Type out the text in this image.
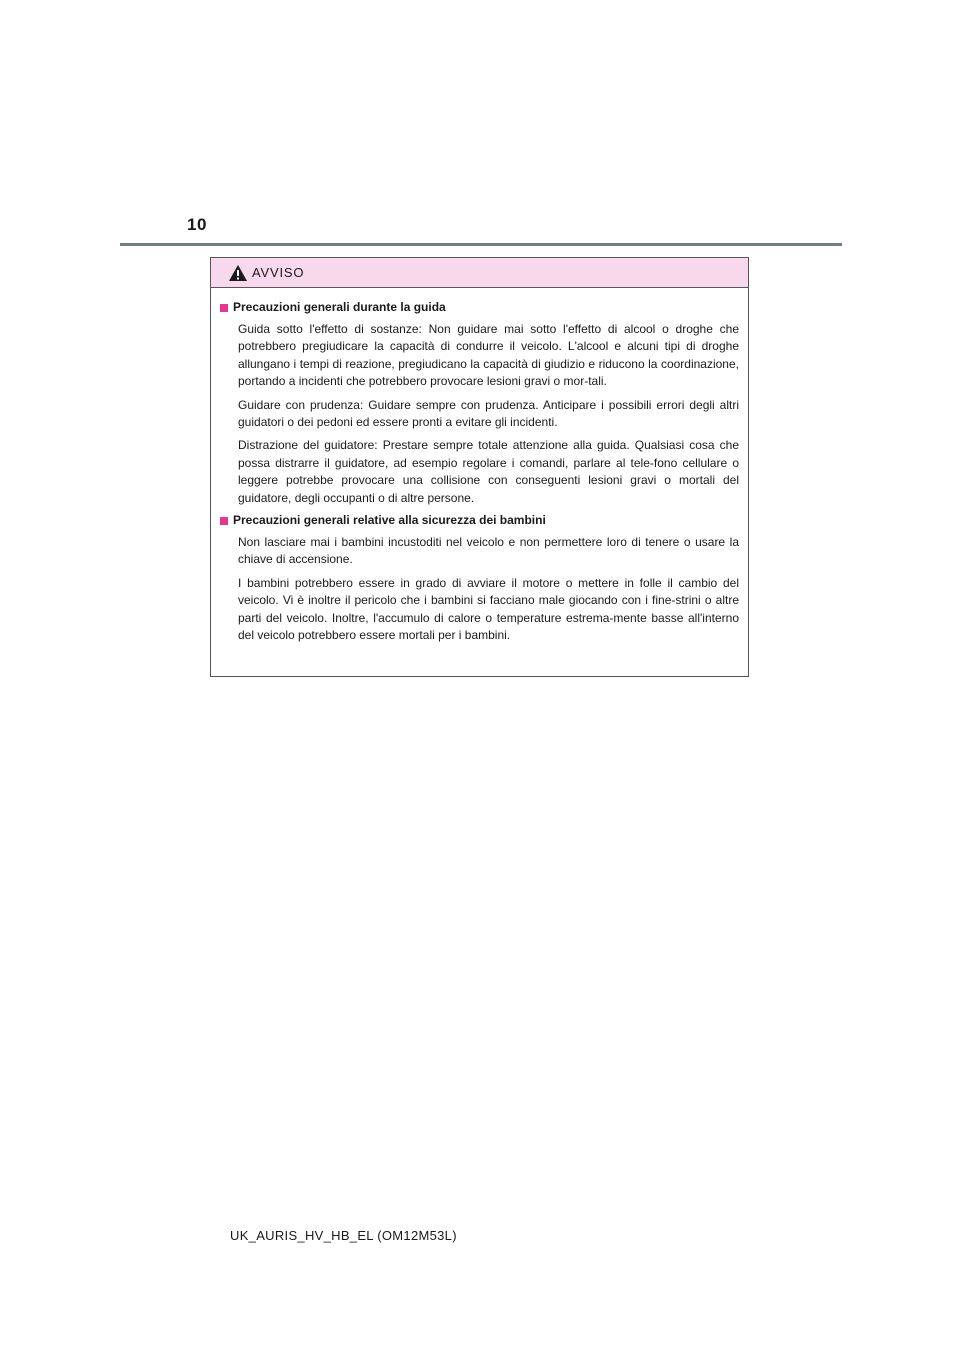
10
AVVISO
Precauzioni generali durante la guida

Guida sotto l'effetto di sostanze: Non guidare mai sotto l'effetto di alcool o droghe che potrebbero pregiudicare la capacità di condurre il veicolo. L'alcool e alcuni tipi di droghe allungano i tempi di reazione, pregiudicano la capacità di giudizio e riducono la coordinazione, portando a incidenti che potrebbero provocare lesioni gravi o mor-tali.

Guidare con prudenza: Guidare sempre con prudenza. Anticipare i possibili errori degli altri guidatori o dei pedoni ed essere pronti a evitare gli incidenti.

Distrazione del guidatore: Prestare sempre totale attenzione alla guida. Qualsiasi cosa che possa distrarre il guidatore, ad esempio regolare i comandi, parlare al tele-fono cellulare o leggere potrebbe provocare una collisione con conseguenti lesioni gravi o mortali del guidatore, degli occupanti o di altre persone.

Precauzioni generali relative alla sicurezza dei bambini

Non lasciare mai i bambini incustoditi nel veicolo e non permettere loro di tenere o usare la chiave di accensione.

I bambini potrebbero essere in grado di avviare il motore o mettere in folle il cambio del veicolo. Vi è inoltre il pericolo che i bambini si facciano male giocando con i fine-strini o altre parti del veicolo. Inoltre, l'accumulo di calore o temperature estrema-mente basse all'interno del veicolo potrebbero essere mortali per i bambini.

UK_AURIS_HV_HB_EL (OM12M53L)
